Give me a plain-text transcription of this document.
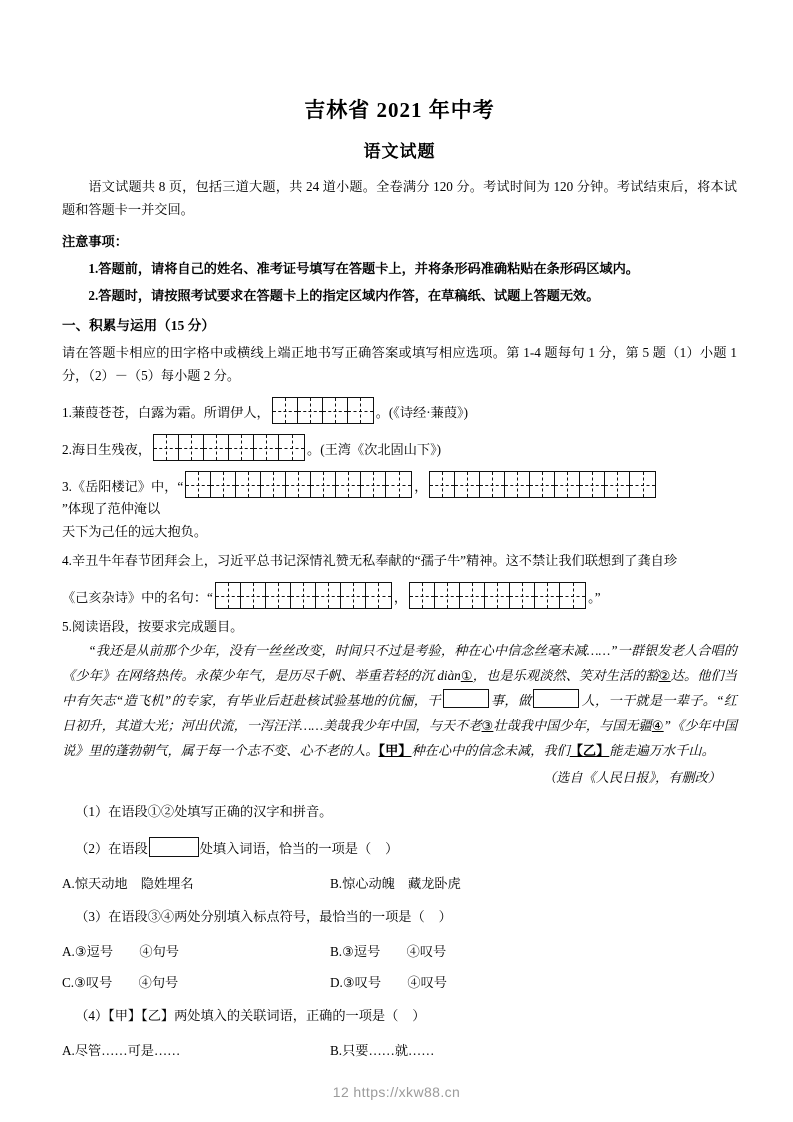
吉林省 2021 年中考
语文试题

语文试题共 8 页，包括三道大题，共 24 道小题。全卷满分 120 分。考试时间为 120 分钟。考试结束后，将本试题和答题卡一并交回。

注意事项：

1.答题前，请将自己的姓名、准考证号填写在答题卡上，并将条形码准确粘贴在条形码区域内。

2.答题时，请按照考试要求在答题卡上的指定区域内作答，在草稿纸、试题上答题无效。

一、积累与运用（15 分）

请在答题卡相应的田字格中或横线上端正地书写正确答案或填写相应选项。第 1-4 题每句 1 分，第 5 题（1）小题 1 分，（2）－（5）每小题 2 分。

1. 蒹葭苍苍，白露为霜。所谓伊人，	。(《诗经·蒹葭》)
2. 海日生残夜，	。(王湾《次北固山下》)
3. 《岳阳楼记》中，“	，
”体现了范仲淹以

天下为己任的远大抱负。

4.辛丑牛年春节团拜会上，习近平总书记深情礼赞无私奉献的“孺子牛”精神。这不禁让我们联想到了龚自珍

《己亥杂诗》中的名句：“	，	。”

5.阅读语段，按要求完成题目。

“我还是从前那个少年，没有一丝丝改变，时间只不过是考验，种在心中信念丝毫未减……”一群银发老人合唱的《少年》在网络热传。永葆少年气，是历尽千帆、举重若轻的沉 diàn①，也是乐观淡然、笑对生活的豁②达。他们当中有矢志“造飞机”的专家，有毕业后赶赴核试验基地的伉俪，干	事，做	人，一干就是一辈子。“红日初升，其道大光；河出伏流，一泻汪洋……美哉我少年中国，与天不老③壮哉我中国少年，与国无疆④”《少年中国说》里的蓬勃朝气，属于每一个志不变、心不老的人。【甲】种在心中的信念未减，我们【乙】能走遍万水千山。

（选自《人民日报》，有删改）

（1）在语段①②处填写正确的汉字和拼音。

（2）在语段	处填入词语，恰当的一项是（ ）

A.惊天动地　隐姓埋名	B.惊心动魄　藏龙卧虎

（3）在语段③④两处分别填入标点符号，最恰当的一项是（ ）

A.③逗号　　④句号	B.③逗号　　④叹号
C.③叹号　　④句号	D.③叹号　　④叹号

（4）【甲】【乙】两处填入的关联词语，正确的一项是（ ）

A.尽管……可是……	B.只要……就……
12 https://xkw88.cn
